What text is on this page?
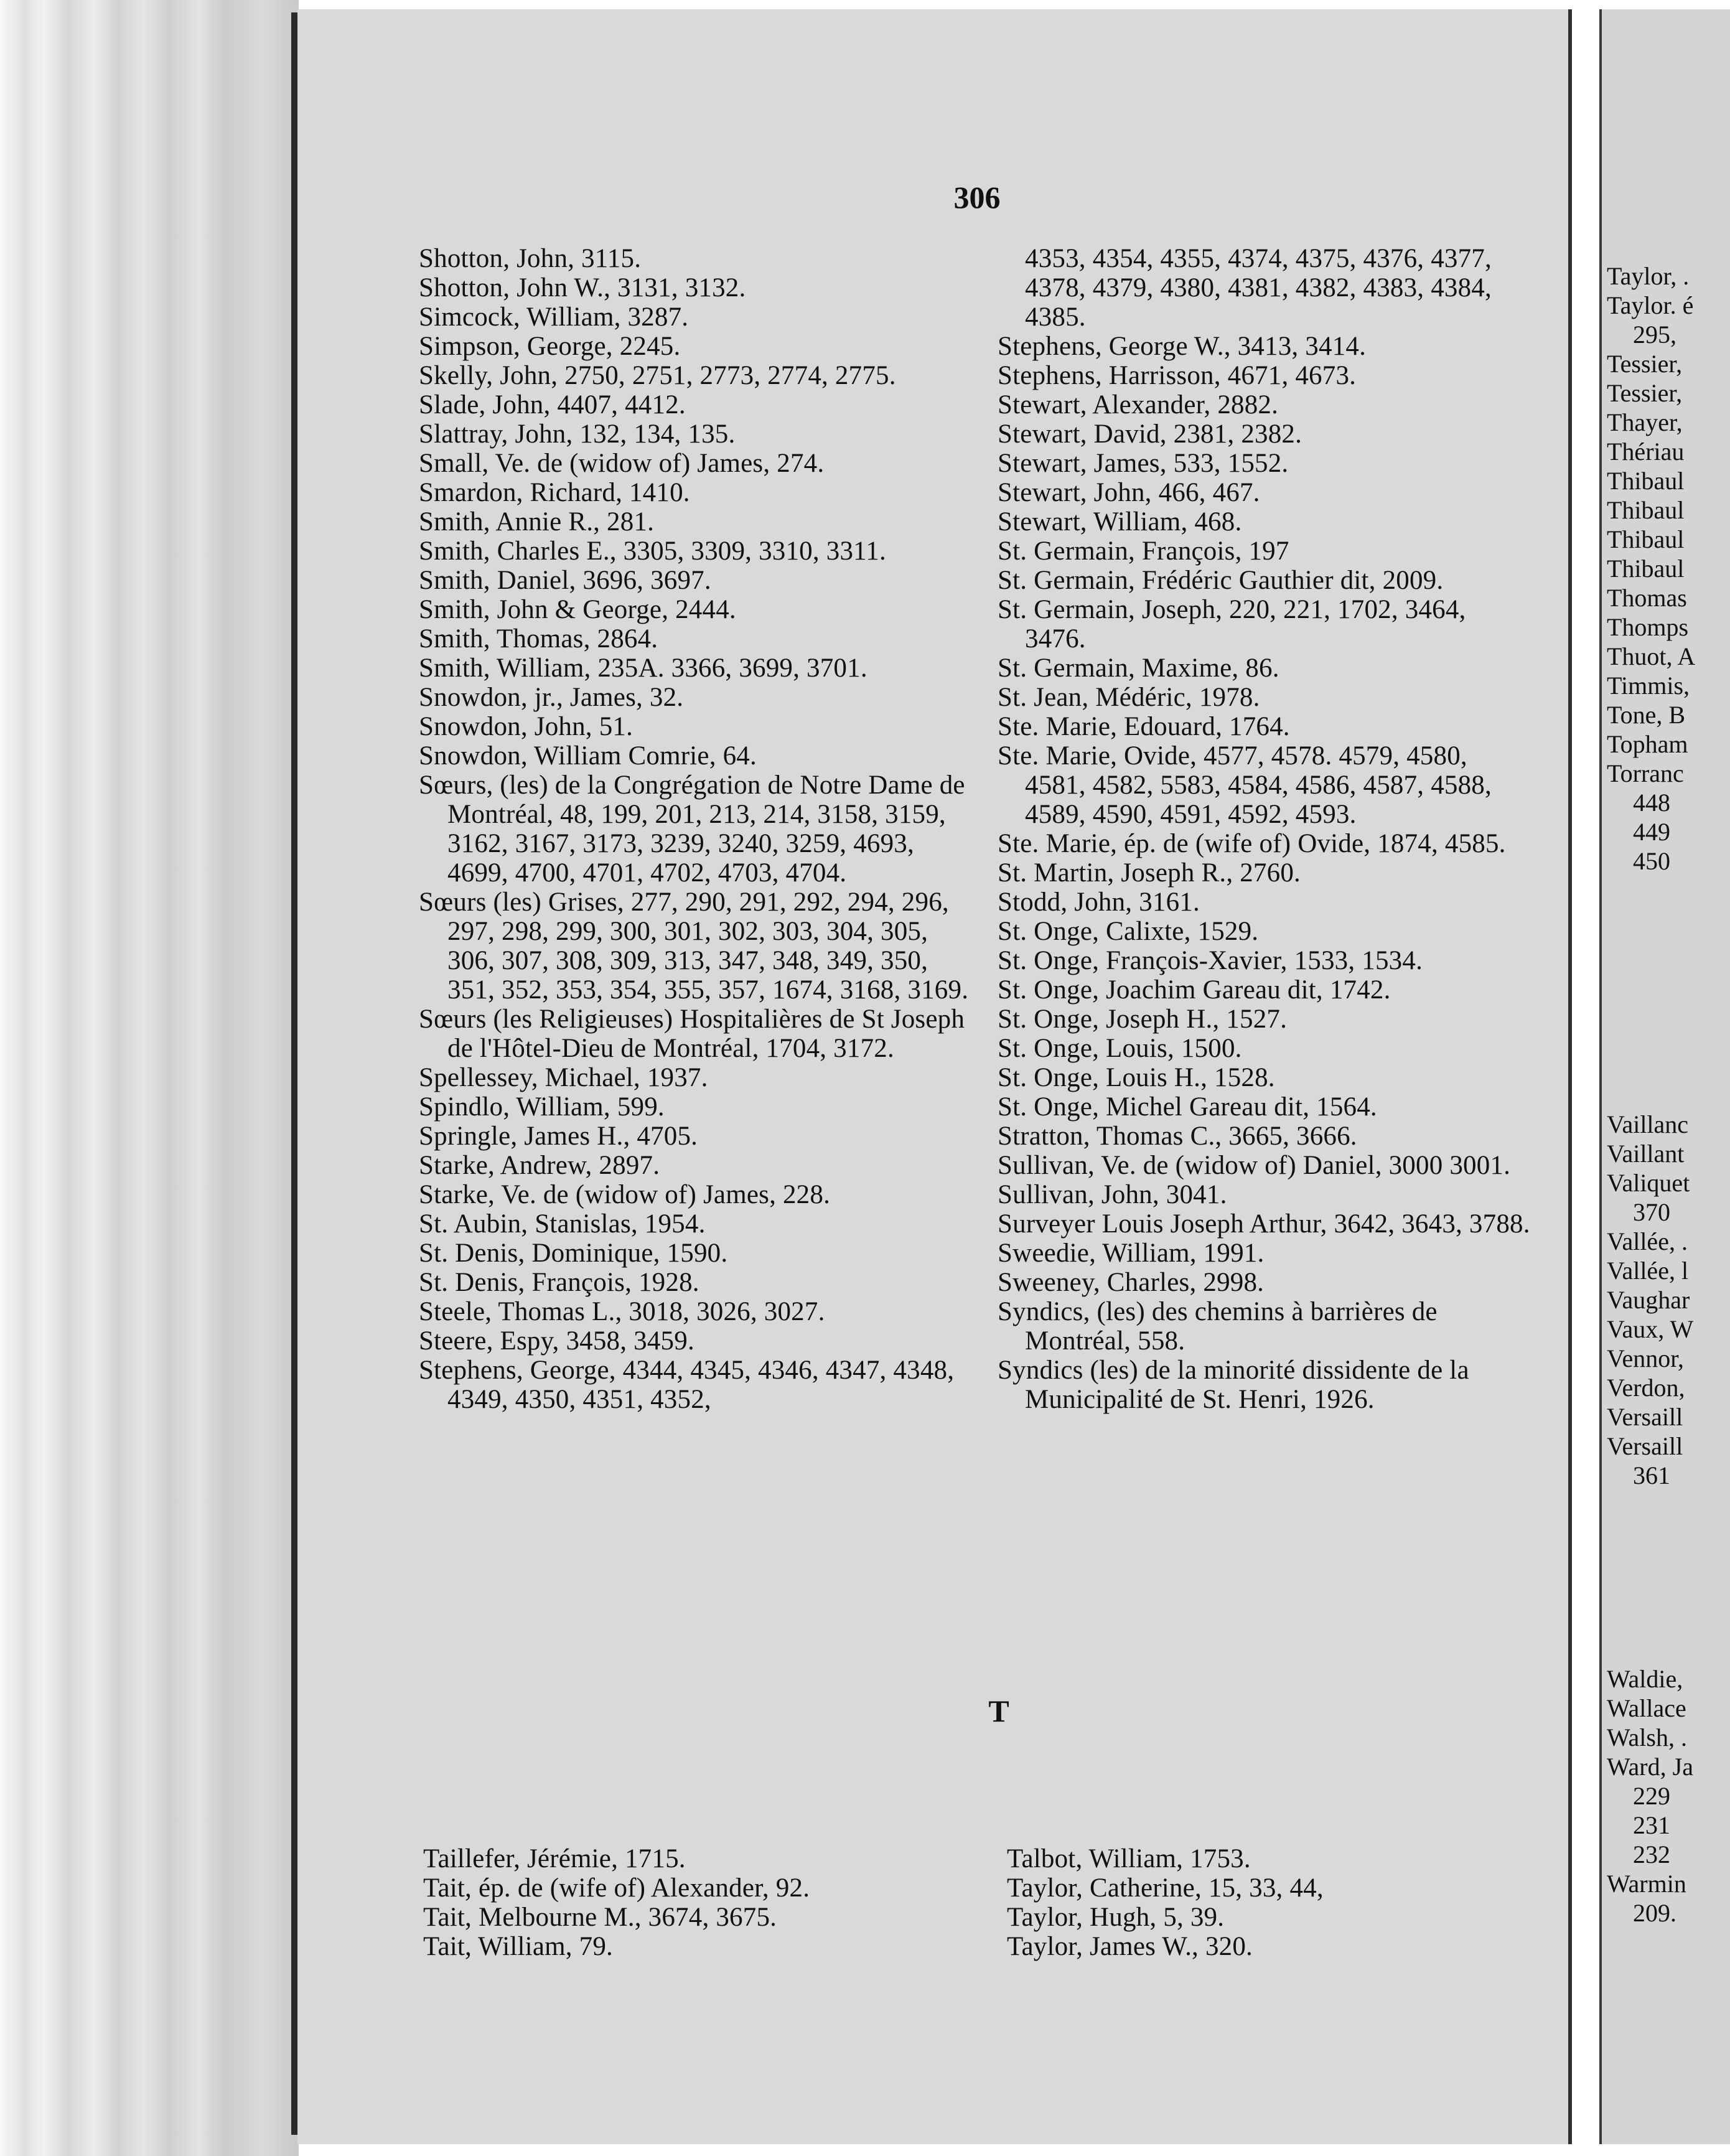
306

Shotton, John, 3115.

Shotton, John W., 3131, 3132.

Simcock, William, 3287.

Simpson, George, 2245.

Skelly, John, 2750, 2751, 2773, 2774, 2775.

Slade, John, 4407, 4412.

Slattray, John, 132, 134, 135.

Small, Ve. de (widow of) James, 274.

Smardon, Richard, 1410.

Smith, Annie R., 281.

Smith, Charles E., 3305, 3309, 3310, 3311.

Smith, Daniel, 3696, 3697.

Smith, John & George, 2444.

Smith, Thomas, 2864.

Smith, William, 235A. 3366, 3699, 3701.

Snowdon, jr., James, 32.

Snowdon, John, 51.

Snowdon, William Comrie, 64.

Sœurs, (les) de la Congrégation de Notre Dame de Montréal, 48, 199, 201, 213, 214, 3158, 3159, 3162, 3167, 3173, 3239, 3240, 3259, 4693, 4699, 4700, 4701, 4702, 4703, 4704.

Sœurs (les) Grises, 277, 290, 291, 292, 294, 296, 297, 298, 299, 300, 301, 302, 303, 304, 305, 306, 307, 308, 309, 313, 347, 348, 349, 350, 351, 352, 353, 354, 355, 357, 1674, 3168, 3169.

Sœurs (les Religieuses) Hospitalières de St Joseph de l'Hôtel-Dieu de Montréal, 1704, 3172.

Spellessey, Michael, 1937.

Spindlo, William, 599.

Springle, James H., 4705.

Starke, Andrew, 2897.

Starke, Ve. de (widow of) James, 228.

St. Aubin, Stanislas, 1954.

St. Denis, Dominique, 1590.

St. Denis, François, 1928.

Steele, Thomas L., 3018, 3026, 3027.

Steere, Espy, 3458, 3459.

Stephens, George, 4344, 4345, 4346, 4347, 4348, 4349, 4350, 4351, 4352,

4353, 4354, 4355, 4374, 4375, 4376, 4377, 4378, 4379, 4380, 4381, 4382, 4383, 4384, 4385.

Stephens, George W., 3413, 3414.

Stephens, Harrisson, 4671, 4673.

Stewart, Alexander, 2882.

Stewart, David, 2381, 2382.

Stewart, James, 533, 1552.

Stewart, John, 466, 467.

Stewart, William, 468.

St. Germain, François, 197

St. Germain, Frédéric Gauthier dit, 2009.

St. Germain, Joseph, 220, 221, 1702, 3464, 3476.

St. Germain, Maxime, 86.

St. Jean, Médéric, 1978.

Ste. Marie, Edouard, 1764.

Ste. Marie, Ovide, 4577, 4578. 4579, 4580, 4581, 4582, 5583, 4584, 4586, 4587, 4588, 4589, 4590, 4591, 4592, 4593.

Ste. Marie, ép. de (wife of) Ovide, 1874, 4585.

St. Martin, Joseph R., 2760.

Stodd, John, 3161.

St. Onge, Calixte, 1529.

St. Onge, François-Xavier, 1533, 1534.

St. Onge, Joachim Gareau dit, 1742.

St. Onge, Joseph H., 1527.

St. Onge, Louis, 1500.

St. Onge, Louis H., 1528.

St. Onge, Michel Gareau dit, 1564.

Stratton, Thomas C., 3665, 3666.

Sullivan, Ve. de (widow of) Daniel, 3000 3001.

Sullivan, John, 3041.

Surveyer Louis Joseph Arthur, 3642, 3643, 3788.

Sweedie, William, 1991.

Sweeney, Charles, 2998.

Syndics, (les) des chemins à barrières de Montréal, 558.

Syndics (les) de la minorité dissidente de la Municipalité de St. Henri, 1926.

T

Taillefer, Jérémie, 1715.

Tait, ép. de (wife of) Alexander, 92.

Tait, Melbourne M., 3674, 3675.

Tait, William, 79.

Talbot, William, 1753.

Taylor, Catherine, 15, 33, 44,

Taylor, Hugh, 5, 39.

Taylor, James W., 320.

Taylor, .

Taylor. é

295,

Tessier,

Tessier,

Thayer,

Thériau

Thibaul

Thibaul

Thibaul

Thibaul

Thomas

Thomps

Thuot, A

Timmis,

Tone, B

Topham

Torranc

448

449

450

Vaillanc

Vaillant

Valiquet

370

Vallée, .

Vallée, l

Vaughar

Vaux, W

Vennor,

Verdon,

Versaill

Versaill

361

Waldie,

Wallace

Walsh, .

Ward, Ja

229

231

232

Warmin

209.
